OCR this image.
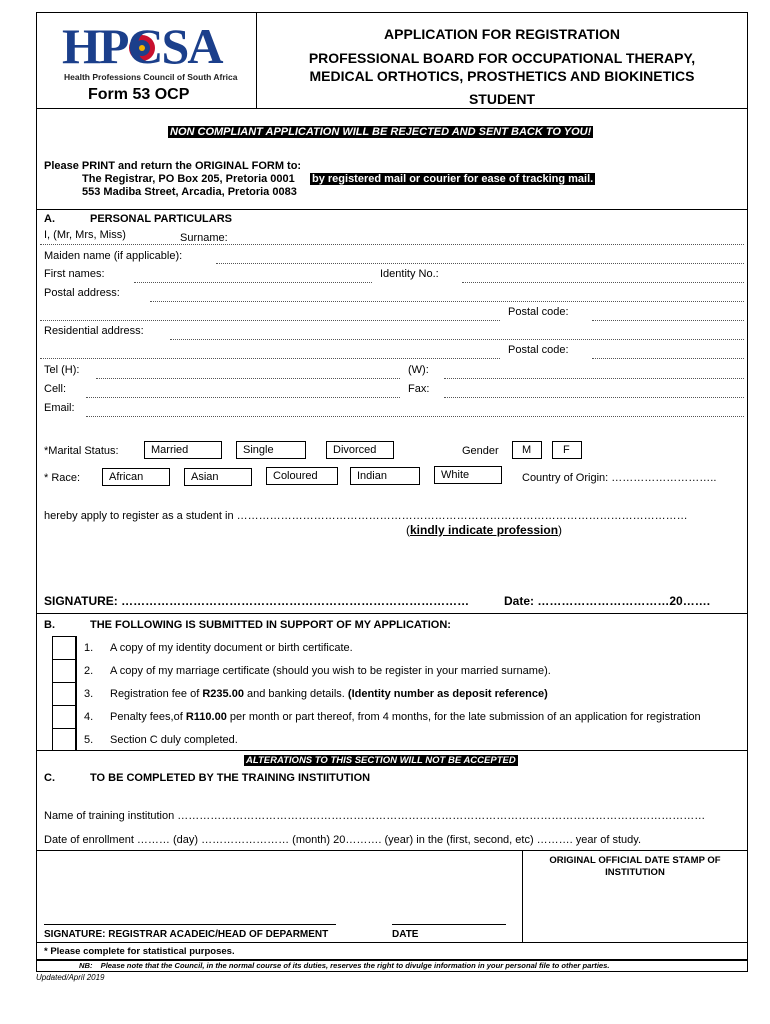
HPCSA
Health Professions Council of South Africa
Form 53 OCP
APPLICATION FOR REGISTRATION
PROFESSIONAL BOARD FOR OCCUPATIONAL THERAPY,
MEDICAL ORTHOTICS, PROSTHETICS AND BIOKINETICS
STUDENT
NON COMPLIANT APPLICATION WILL BE REJECTED AND SENT BACK TO YOU!
Please PRINT and return the ORIGINAL FORM to:
The Registrar, PO Box 205, Pretoria 0001 by registered mail or courier for ease of tracking mail.
553 Madiba Street, Arcadia, Pretoria 0083
A.	PERSONAL PARTICULARS
I, (Mr, Mrs, Miss)	Surname:
Maiden name (if applicable):
First names:	Identity No.:
Postal address:
Postal code:
Residential address:
Postal code:
Tel (H):	(W):
Cell:	Fax:
Email:
*Marital Status:	Married	Single	Divorced	Gender	M	F
* Race:	African	Asian	Coloured	Indian	White	Country of Origin: ………………………..
hereby apply to register as a student in ……………………………………………………………………………………………………………
(kindly indicate profession)
SIGNATURE: ……………………………………………………………………………	Date: ……………………………20…….
B.	THE FOLLOWING IS SUBMITTED IN SUPPORT OF MY APPLICATION:
1. A copy of my identity document or birth certificate.
2. A copy of my marriage certificate (should you wish to be register in your married surname).
3. Registration fee of R235.00 and banking details. (Identity number as deposit reference)
4. Penalty fees,of R110.00 per month or part thereof, from 4 months, for the late submission of an application for registration
5. Section C duly completed.
ALTERATIONS TO THIS SECTION WILL NOT BE ACCEPTED
C.	TO BE COMPLETED BY THE TRAINING INSTIITUTION
Name of training institution ………………………………………………………………………………………………………………………………
Date of enrollment ……… (day) …………………… (month) 20………. (year) in the (first, second, etc) ………. year of study.
ORIGINAL OFFICIAL DATE STAMP OF INSTITUTION
SIGNATURE: REGISTRAR ACADEIC/HEAD OF DEPARMENT	DATE
* Please complete for statistical purposes.
NB: Please note that the Council, in the normal course of its duties, reserves the right to divulge information in your personal file to other parties.
Updated/April 2019
